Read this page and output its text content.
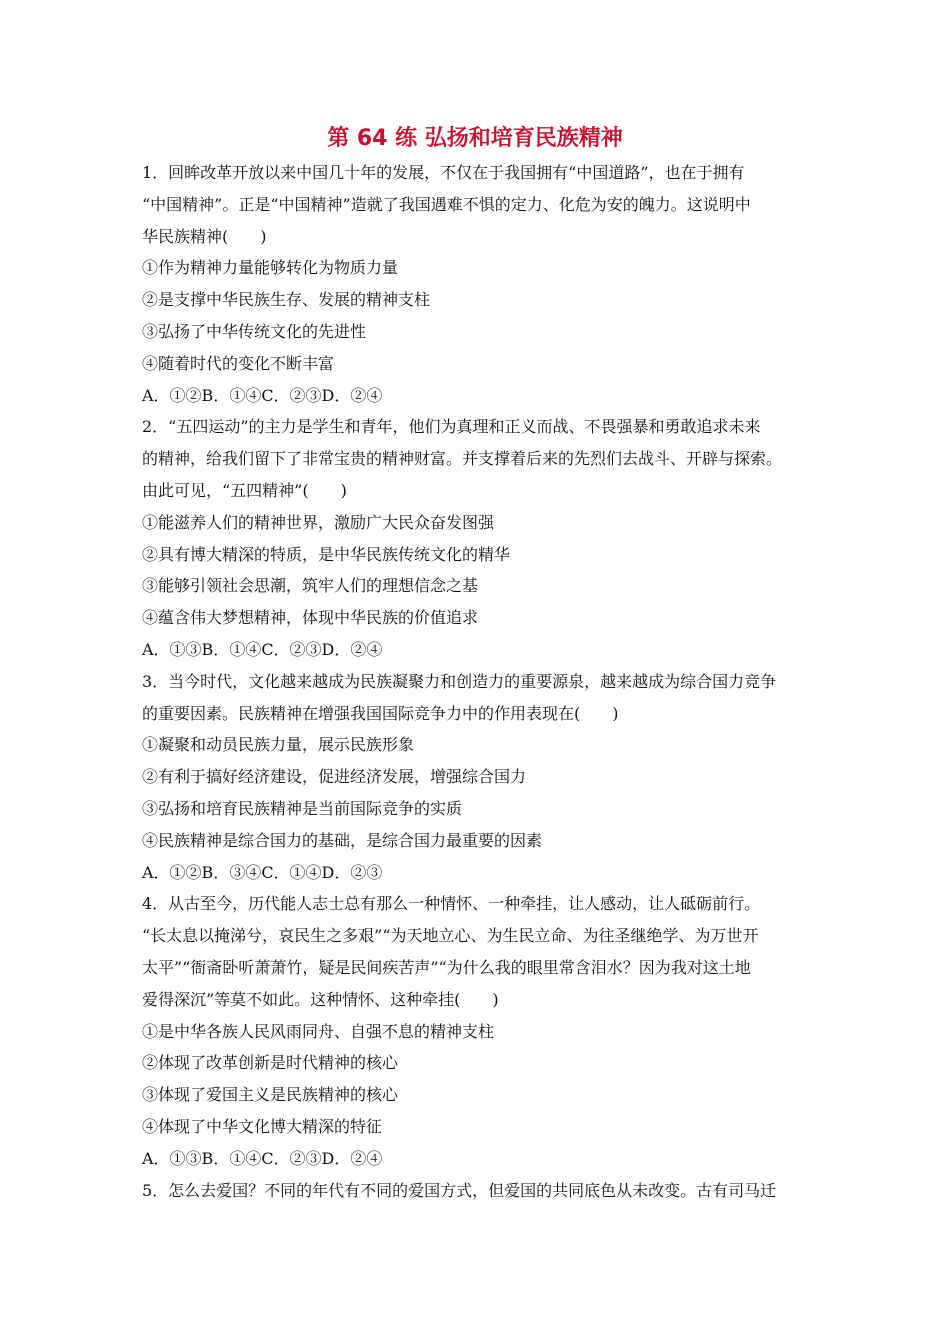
第 64 练 弘扬和培育民族精神
1．回眸改革开放以来中国几十年的发展，不仅在于我国拥有“中国道路”，也在于拥有
“中国精神”。正是“中国精神”造就了我国遇难不惧的定力、化危为安的魄力。这说明中
华民族精神(　　)
①作为精神力量能够转化为物质力量
②是支撑中华民族生存、发展的精神支柱
③弘扬了中华传统文化的先进性
④随着时代的变化不断丰富
A．①②B．①④C．②③D．②④
2．“五四运动”的主力是学生和青年，他们为真理和正义而战、不畏强暴和勇敢追求未来
的精神，给我们留下了非常宝贵的精神财富。并支撑着后来的先烈们去战斗、开辟与探索。
由此可见，“五四精神”(　　)
①能滋养人们的精神世界，激励广大民众奋发图强
②具有博大精深的特质，是中华民族传统文化的精华
③能够引领社会思潮，筑牢人们的理想信念之基
④蕴含伟大梦想精神，体现中华民族的价值追求
A．①③B．①④C．②③D．②④
3．当今时代，文化越来越成为民族凝聚力和创造力的重要源泉，越来越成为综合国力竞争
的重要因素。民族精神在增强我国国际竞争力中的作用表现在(　　)
①凝聚和动员民族力量，展示民族形象
②有利于搞好经济建设，促进经济发展，增强综合国力
③弘扬和培育民族精神是当前国际竞争的实质
④民族精神是综合国力的基础，是综合国力最重要的因素
A．①②B．③④C．①④D．②③
4．从古至今，历代能人志士总有那么一种情怀、一种牵挂，让人感动，让人砥砺前行。
“长太息以掩涕兮，哀民生之多艰”“为天地立心、为生民立命、为往圣继绝学、为万世开
太平”“衙斋卧听萧萧竹，疑是民间疾苦声”“为什么我的眼里常含泪水？因为我对这土地
爱得深沉”等莫不如此。这种情怀、这种牵挂(　　)
①是中华各族人民风雨同舟、自强不息的精神支柱
②体现了改革创新是时代精神的核心
③体现了爱国主义是民族精神的核心
④体现了中华文化博大精深的特征
A．①③B．①④C．②③D．②④
5．怎么去爱国？不同的年代有不同的爱国方式，但爱国的共同底色从未改变。古有司马迁
